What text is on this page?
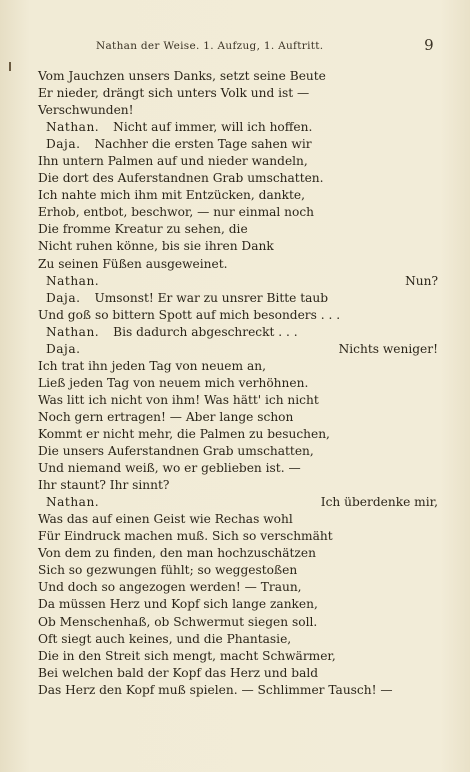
Nathan der Weise. 1. Aufzug, 1. Auftritt.	9
Vom Jauchzen unsers Danks, setzt seine Beute
Er nieder, drängt sich unters Volk und ist —
Verschwunden!
Nathan. Nicht auf immer, will ich hoffen.
Daja. Nachher die ersten Tage sahen wir
Ihn untern Palmen auf und nieder wandeln,
Die dort des Auferstandnen Grab umschatten.
Ich nahte mich ihm mit Entzücken, dankte,
Erhob, entbot, beschwor, — nur einmal noch
Die fromme Kreatur zu sehen, die
Nicht ruhen könne, bis sie ihren Dank
Zu seinen Füßen ausgeweinet.
Nathan.	Nun?
Daja. Umsonst! Er war zu unsrer Bitte taub
Und goß so bittern Spott auf mich besonders . . .
Nathan. Bis dadurch abgeschreckt . . .
Daja.	Nichts weniger!
Ich trat ihn jeden Tag von neuem an,
Ließ jeden Tag von neuem mich verhöhnen.
Was litt ich nicht von ihm! Was hätt' ich nicht
Noch gern ertragen! — Aber lange schon
Kommt er nicht mehr, die Palmen zu besuchen,
Die unsers Auferstandnen Grab umschatten,
Und niemand weiß, wo er geblieben ist. —
Ihr staunt? Ihr sinnt?
Nathan.	Ich überdenke mir,
Was das auf einen Geist wie Rechas wohl
Für Eindruck machen muß. Sich so verschmäht
Von dem zu finden, den man hochzuschätzen
Sich so gezwungen fühlt; so weggestoßen
Und doch so angezogen werden! — Traun,
Da müssen Herz und Kopf sich lange zanken,
Ob Menschenhaß, ob Schwermut siegen soll.
Oft siegt auch keines, und die Phantasie,
Die in den Streit sich mengt, macht Schwärmer,
Bei welchen bald der Kopf das Herz und bald
Das Herz den Kopf muß spielen. — Schlimmer Tausch! —
